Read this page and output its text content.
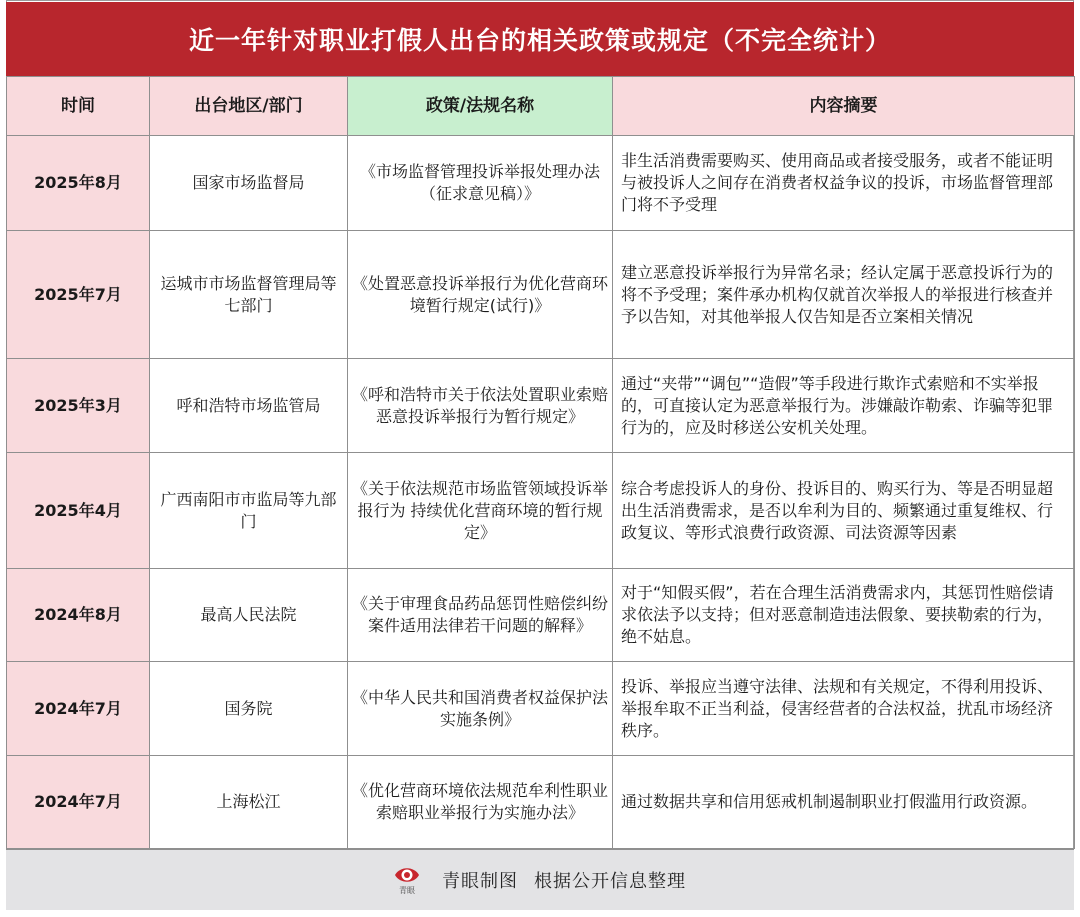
近一年针对职业打假人出台的相关政策或规定（不完全统计）
时间	出台地区/部门	政策/法规名称	内容摘要
2025年8月	国家市场监督局	《市场监督管理投诉举报处理办法（征求意见稿）》	非生活消费需要购买、使用商品或者接受服务，或者不能证明与被投诉人之间存在消费者权益争议的投诉，市场监督管理部门将不予受理
2025年7月	运城市市场监督管理局等七部门	《处置恶意投诉举报行为优化营商环境暂行规定(试行)》	建立恶意投诉举报行为异常名录；经认定属于恶意投诉行为的将不予受理；案件承办机构仅就首次举报人的举报进行核查并予以告知，对其他举报人仅告知是否立案相关情况
2025年3月	呼和浩特市场监管局	《呼和浩特市关于依法处置职业索赔恶意投诉举报行为暂行规定》	通过“夹带”“调包”“造假”等手段进行欺诈式索赔和不实举报的，可直接认定为恶意举报行为。涉嫌敲诈勒索、诈骗等犯罪行为的，应及时移送公安机关处理。
2025年4月	广西南阳市市监局等九部门	《关于依法规范市场监管领域投诉举报行为 持续优化营商环境的暂行规定》	综合考虑投诉人的身份、投诉目的、购买行为、等是否明显超出生活消费需求，是否以牟利为目的、频繁通过重复维权、行政复议、等形式浪费行政资源、司法资源等因素
2024年8月	最高人民法院	《关于审理食品药品惩罚性赔偿纠纷案件适用法律若干问题的解释》	对于“知假买假”，若在合理生活消费需求内，其惩罚性赔偿请求依法予以支持；但对恶意制造违法假象、要挟勒索的行为，绝不姑息。
2024年7月	国务院	《中华人民共和国消费者权益保护法实施条例》	投诉、举报应当遵守法律、法规和有关规定，不得利用投诉、举报牟取不正当利益，侵害经营者的合法权益，扰乱市场经济秩序。
2024年7月	上海松江	《优化营商环境依法规范牟利性职业索赔职业举报行为实施办法》	通过数据共享和信用惩戒机制遏制职业打假滥用行政资源。
青眼 青眼制图 根据公开信息整理
